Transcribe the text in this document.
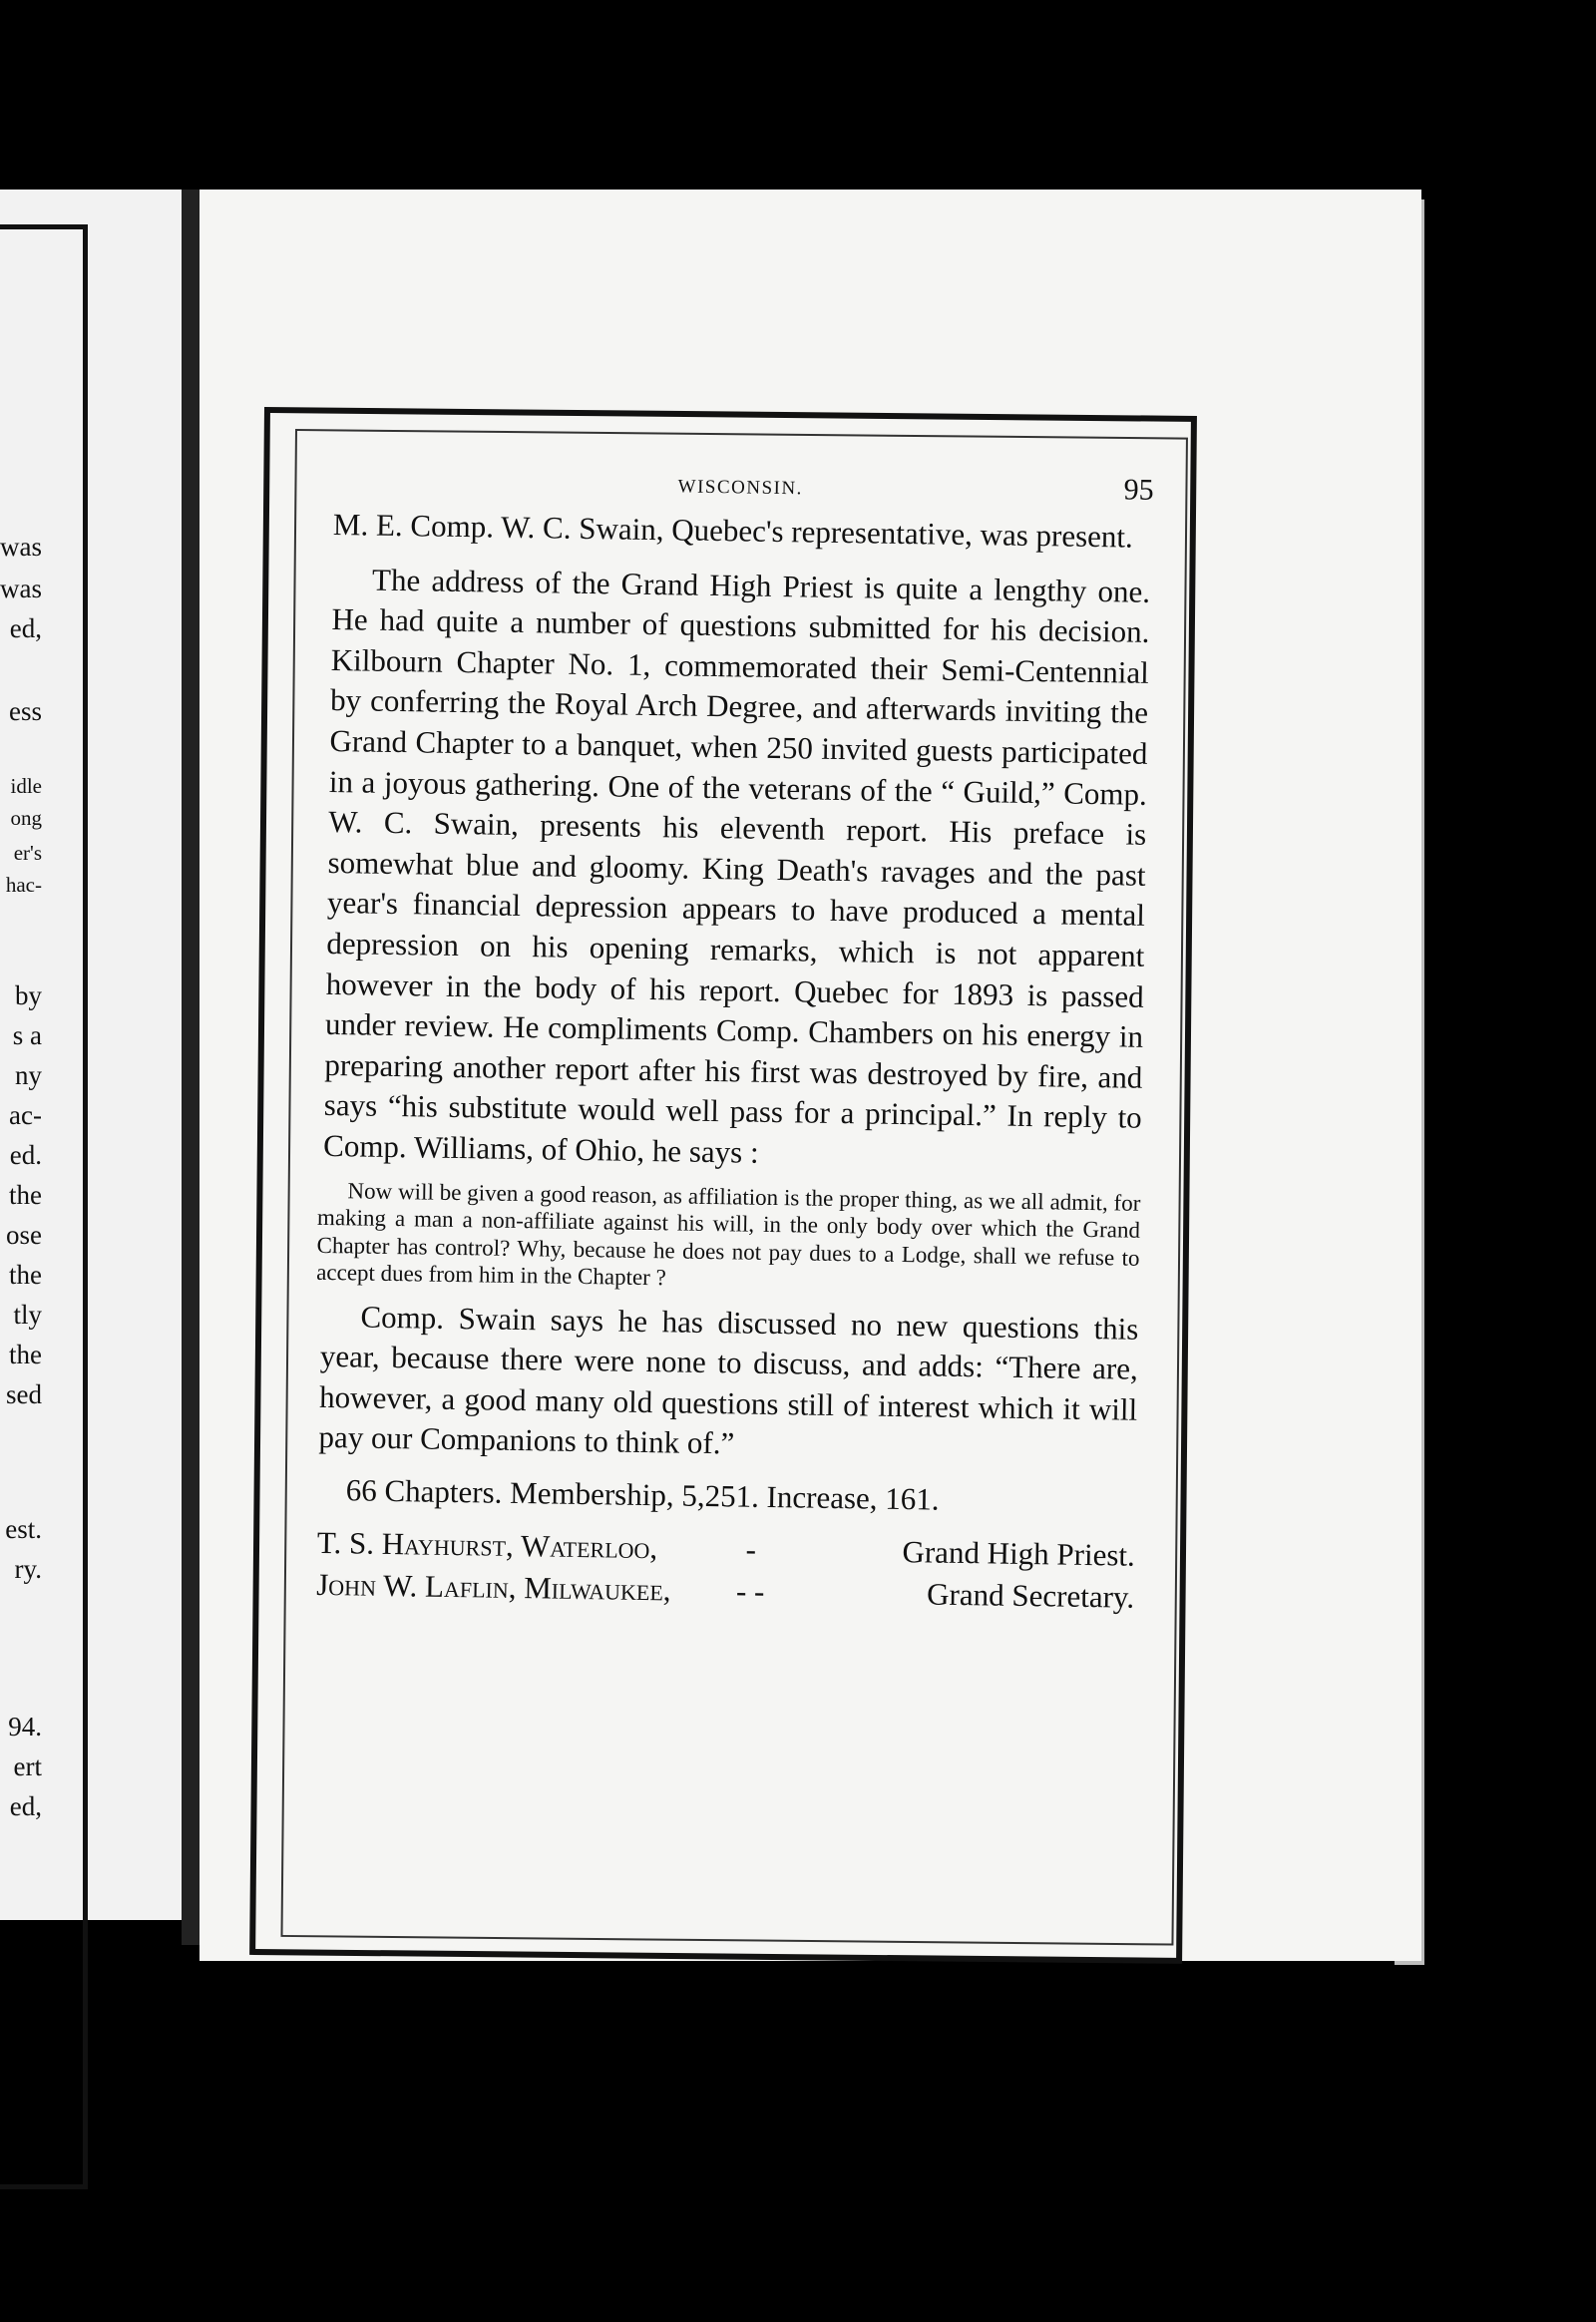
was
was
ed,
ess
idle
ong
er's
hac-
by
s a
ny
ac-
ed.
the
ose
the
tly
the
sed
est.
ry.
94.
ert
ed,
WISCONSIN.	95

M. E. Comp. W. C. Swain, Quebec's representative, was present.

The address of the Grand High Priest is quite a lengthy one. He had quite a number of questions submitted for his decision. Kilbourn Chapter No. 1, commemorated their Semi-Centennial by conferring the Royal Arch Degree, and afterwards inviting the Grand Chapter to a banquet, when 250 invited guests participated in a joyous gathering. One of the veterans of the “ Guild,” Comp. W. C. Swain, presents his eleventh report. His preface is somewhat blue and gloomy. King Death's ravages and the past year's financial depression appears to have produced a mental depression on his opening remarks, which is not apparent however in the body of his report. Quebec for 1893 is passed under review. He compliments Comp. Chambers on his energy in preparing another report after his first was destroyed by fire, and says “his substitute would well pass for a principal.” In reply to Comp. Williams, of Ohio, he says :

Now will be given a good reason, as affiliation is the proper thing, as we all admit, for making a man a non-affiliate against his will, in the only body over which the Grand Chapter has control? Why, because he does not pay dues to a Lodge, shall we refuse to accept dues from him in the Chapter ?

Comp. Swain says he has discussed no new questions this year, because there were none to discuss, and adds: “There are, however, a good many old questions still of interest which it will pay our Companions to think of.”

66 Chapters. Membership, 5,251. Increase, 161.

T. S. Hayhurst, Waterloo,	-	Grand High Priest.
John W. Laflin, Milwaukee,	- -	Grand Secretary.
